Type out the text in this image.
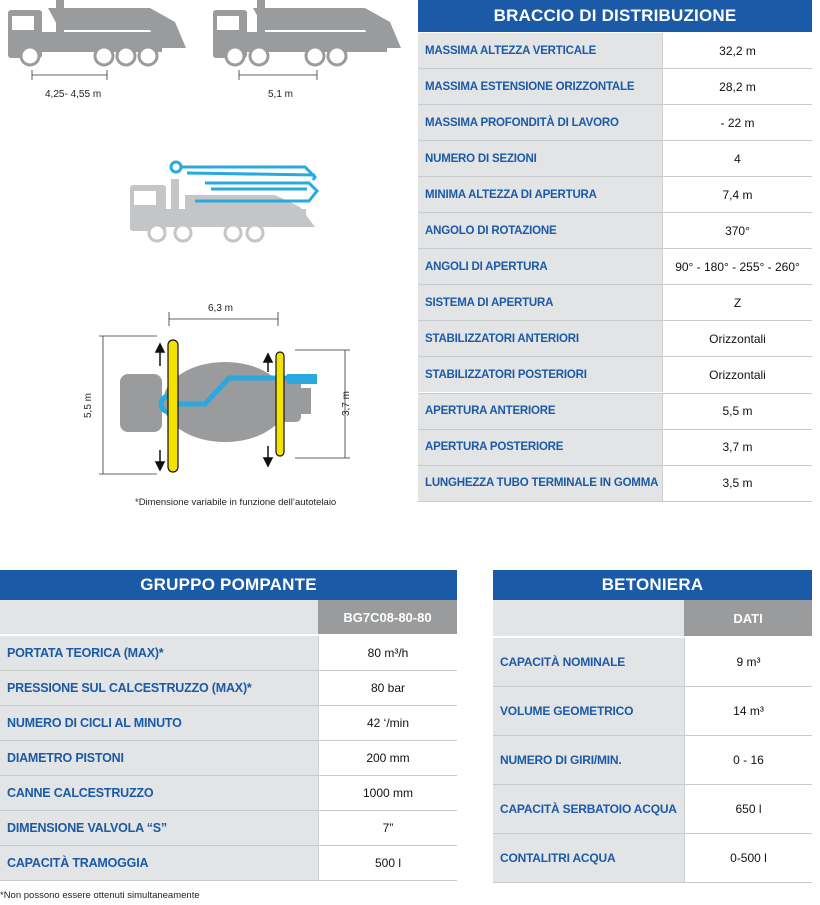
4,25- 4,55 m	5,1 m
6,3 m
5,5 m	3,7 m
*Dimensione variabile in funzione dell’autotelaio
BRACCIO DI DISTRIBUZIONE
MASSIMA ALTEZZA VERTICALE	32,2 m
MASSIMA ESTENSIONE ORIZZONTALE	28,2 m
MASSIMA PROFONDITÀ DI LAVORO	- 22 m
NUMERO DI SEZIONI	4
MINIMA ALTEZZA DI APERTURA	7,4 m
ANGOLO DI ROTAZIONE	370°
ANGOLI DI APERTURA	90° - 180° - 255° - 260°
SISTEMA DI APERTURA	Z
STABILIZZATORI ANTERIORI	Orizzontali
STABILIZZATORI POSTERIORI	Orizzontali
APERTURA ANTERIORE	5,5 m
APERTURA POSTERIORE	3,7 m
LUNGHEZZA TUBO TERMINALE IN GOMMA	3,5 m
GRUPPO POMPANTE
BG7C08-80-80
PORTATA TEORICA (MAX)*	80 m³/h
PRESSIONE SUL CALCESTRUZZO (MAX)*	80 bar
NUMERO DI CICLI AL MINUTO	42 ‘/min
DIAMETRO PISTONI	200 mm
CANNE CALCESTRUZZO	1000 mm
DIMENSIONE VALVOLA “S”	7”
CAPACITÀ TRAMOGGIA	500 l
*Non possono essere ottenuti simultaneamente
BETONIERA
DATI
CAPACITÀ NOMINALE	9 m³
VOLUME GEOMETRICO	14 m³
NUMERO DI GIRI/MIN.	0 - 16
CAPACITÀ SERBATOIO ACQUA	650 l
CONTALITRI ACQUA	0-500 l
